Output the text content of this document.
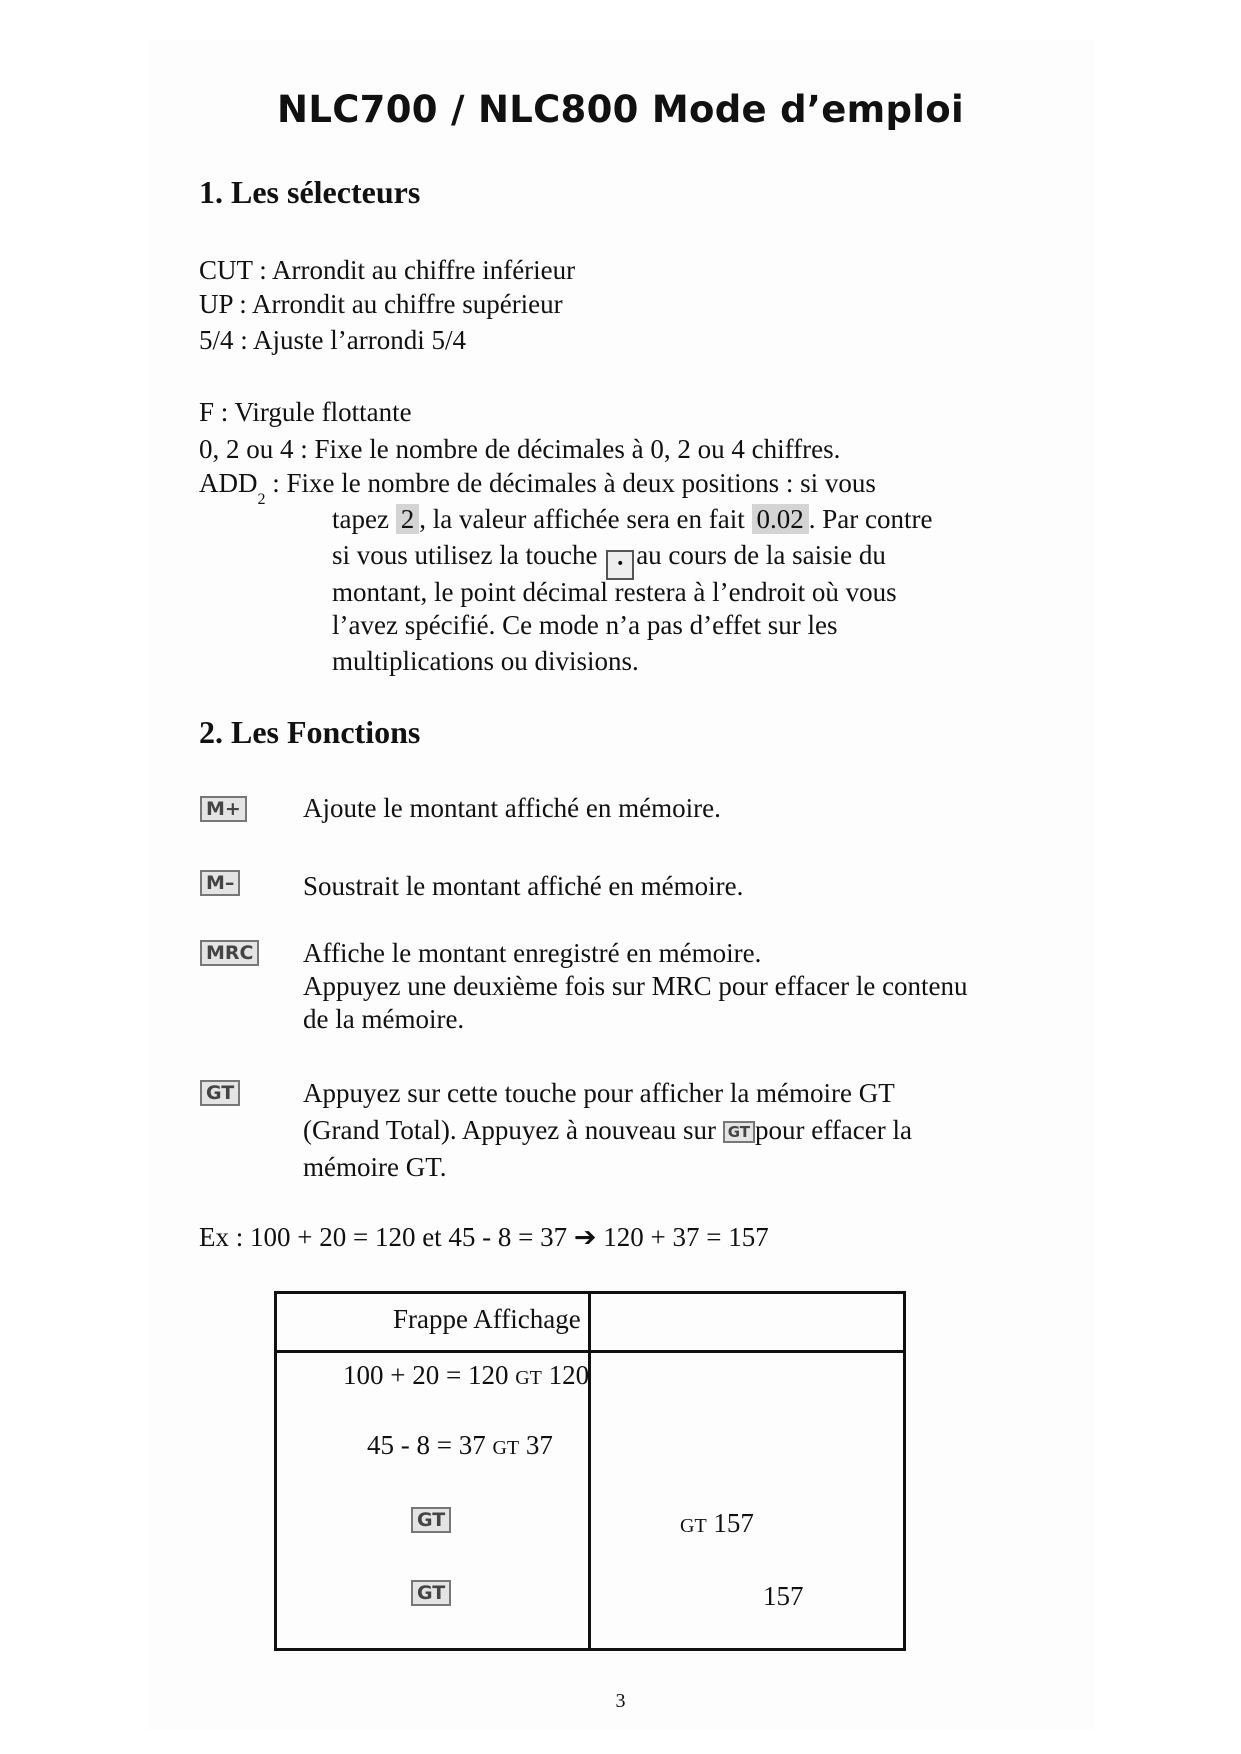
NLC700 / NLC800 Mode d’emploi
1. Les sélecteurs
CUT : Arrondit au chiffre inférieur
UP : Arrondit au chiffre supérieur
5/4 : Ajuste l’arrondi 5/4
F : Virgule flottante
0, 2 ou 4 : Fixe le nombre de décimales à 0, 2 ou 4 chiffres.
$ADD_2$ : Fixe le nombre de décimales à deux positions : si vous
tapez 2 , la valeur affichée sera en fait 0.02 . Par contre
si vous utilisez la touche • au cours de la saisie du
montant, le point décimal restera à l’endroit où vous
l’avez spécifié. Ce mode n’a pas d’effet sur les
multiplications ou divisions.
2. Les Fonctions
M+ Ajoute le montant affiché en mémoire.
M–	Soustrait le montant affiché en mémoire.
MRC Affiche le montant enregistré en mémoire.
Appuyez une deuxième fois sur MRC pour effacer le contenu
de la mémoire.
GT	Appuyez sur cette touche pour afficher la mémoire GT
(Grand Total). Appuyez à nouveau sur GT pour effacer la
mémoire GT.
Ex : 100 + 20 = 120 et 45 - 8 = 37 ➔ 120 + 37 = 157
Frappe Affichage
100 + 20 = 120 GT 120
45 - 8 = 37 GT 37
GT	GT 157
GT	157
3
